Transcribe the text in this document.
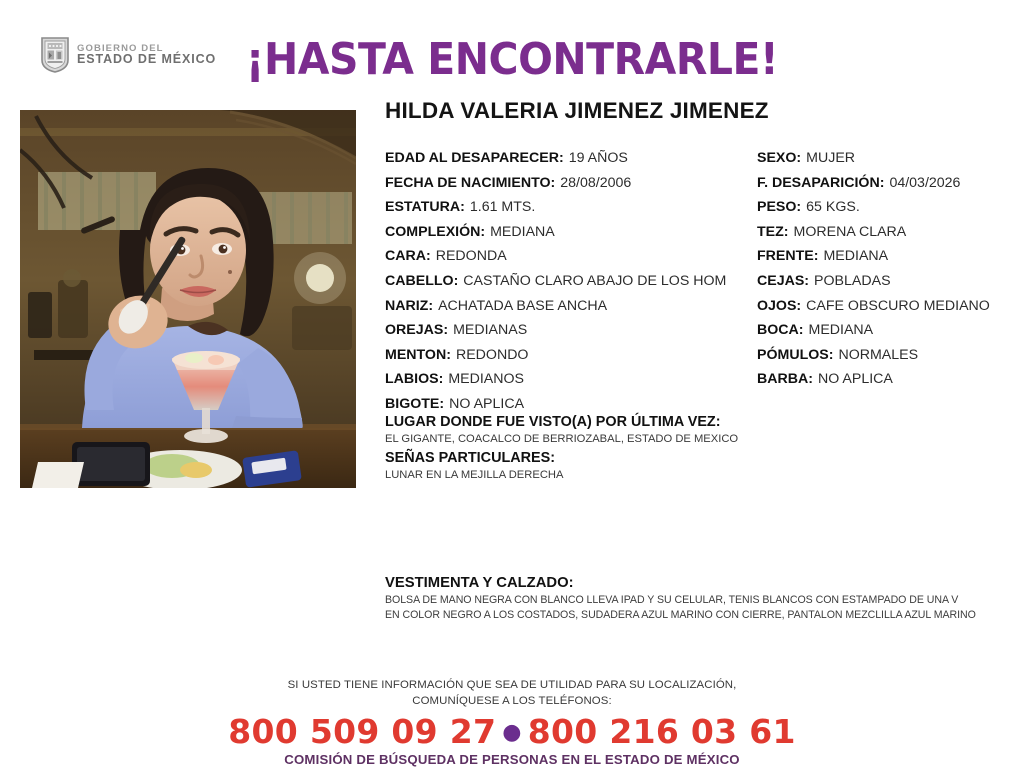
GOBIERNO DEL
ESTADO DE MÉXICO ¡HASTA ENCONTRARLE!
HILDA VALERIA JIMENEZ JIMENEZ
EDAD AL DESAPARECER: 19 AÑOS
FECHA DE NACIMIENTO: 28/08/2006
ESTATURA: 1.61 MTS.
COMPLEXIÓN: MEDIANA
CARA: REDONDA
CABELLO: CASTAÑO CLARO ABAJO DE LOS HOM
NARIZ: ACHATADA BASE ANCHA
OREJAS: MEDIANAS
MENTON: REDONDO
LABIOS: MEDIANOS
BIGOTE: NO APLICA
SEXO: MUJER
F. DESAPARICIÓN: 04/03/2026
PESO: 65 KGS.
TEZ: MORENA CLARA
FRENTE: MEDIANA
CEJAS: POBLADAS
OJOS: CAFE OBSCURO MEDIANO
BOCA: MEDIANA
PÓMULOS: NORMALES
BARBA: NO APLICA
LUGAR DONDE FUE VISTO(A) POR ÚLTIMA VEZ:
EL GIGANTE, COACALCO DE BERRIOZABAL, ESTADO DE MEXICO
SEÑAS PARTICULARES:
LUNAR EN LA MEJILLA DERECHA
VESTIMENTA Y CALZADO:
BOLSA DE MANO NEGRA CON BLANCO LLEVA IPAD Y SU CELULAR, TENIS BLANCOS CON ESTAMPADO DE UNA V
EN COLOR NEGRO A LOS COSTADOS, SUDADERA AZUL MARINO CON CIERRE, PANTALON MEZCLILLA AZUL MARINO
SI USTED TIENE INFORMACIÓN QUE SEA DE UTILIDAD PARA SU LOCALIZACIÓN,
COMUNÍQUESE A LOS TELÉFONOS:
800 509 09 27 ● 800 216 03 61
COMISIÓN DE BÚSQUEDA DE PERSONAS EN EL ESTADO DE MÉXICO
